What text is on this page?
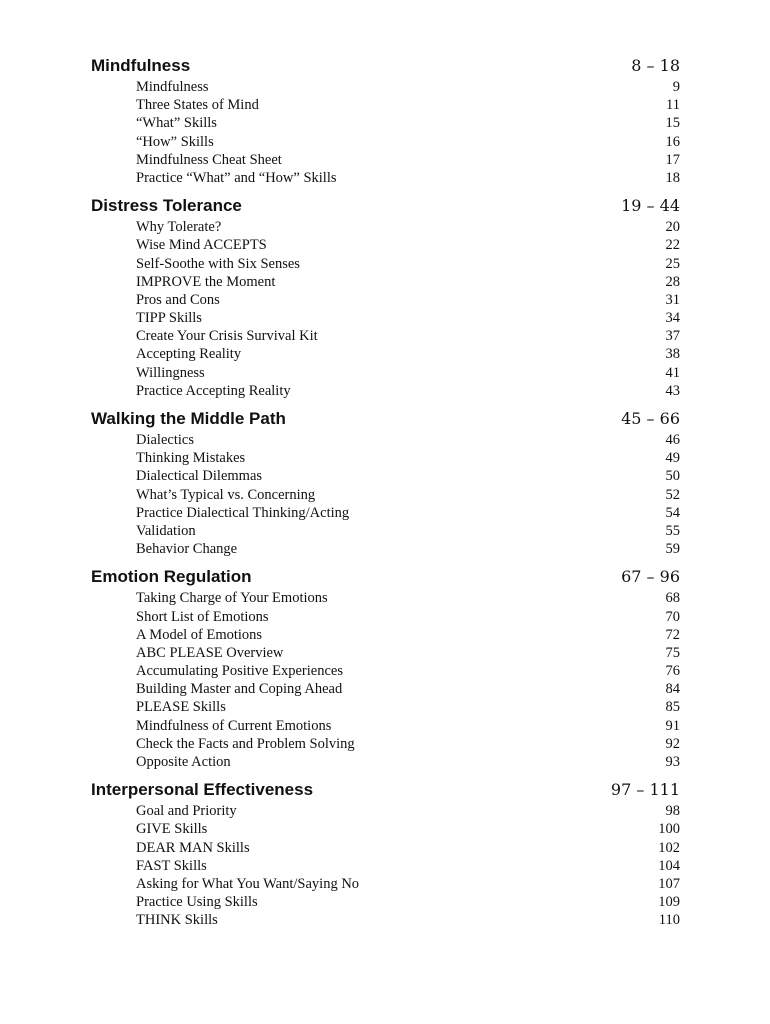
Mindfulness	8 – 18
Mindfulness	9
Three States of Mind	11
“What” Skills	15
“How” Skills	16
Mindfulness Cheat Sheet	17
Practice “What” and “How” Skills	18
Distress Tolerance	19 – 44
Why Tolerate?	20
Wise Mind ACCEPTS	22
Self-Soothe with Six Senses	25
IMPROVE the Moment	28
Pros and Cons	31
TIPP Skills	34
Create Your Crisis Survival Kit	37
Accepting Reality	38
Willingness	41
Practice Accepting Reality	43
Walking the Middle Path	45 – 66
Dialectics	46
Thinking Mistakes	49
Dialectical Dilemmas	50
What’s Typical vs. Concerning	52
Practice Dialectical Thinking/Acting	54
Validation	55
Behavior Change	59
Emotion Regulation	67 – 96
Taking Charge of Your Emotions	68
Short List of Emotions	70
A Model of Emotions	72
ABC PLEASE Overview	75
Accumulating Positive Experiences	76
Building Master and Coping Ahead	84
PLEASE Skills	85
Mindfulness of Current Emotions	91
Check the Facts and Problem Solving	92
Opposite Action	93
Interpersonal Effectiveness	97 – 111
Goal and Priority	98
GIVE Skills	100
DEAR MAN Skills	102
FAST Skills	104
Asking for What You Want/Saying No	107
Practice Using Skills	109
THINK Skills	110
